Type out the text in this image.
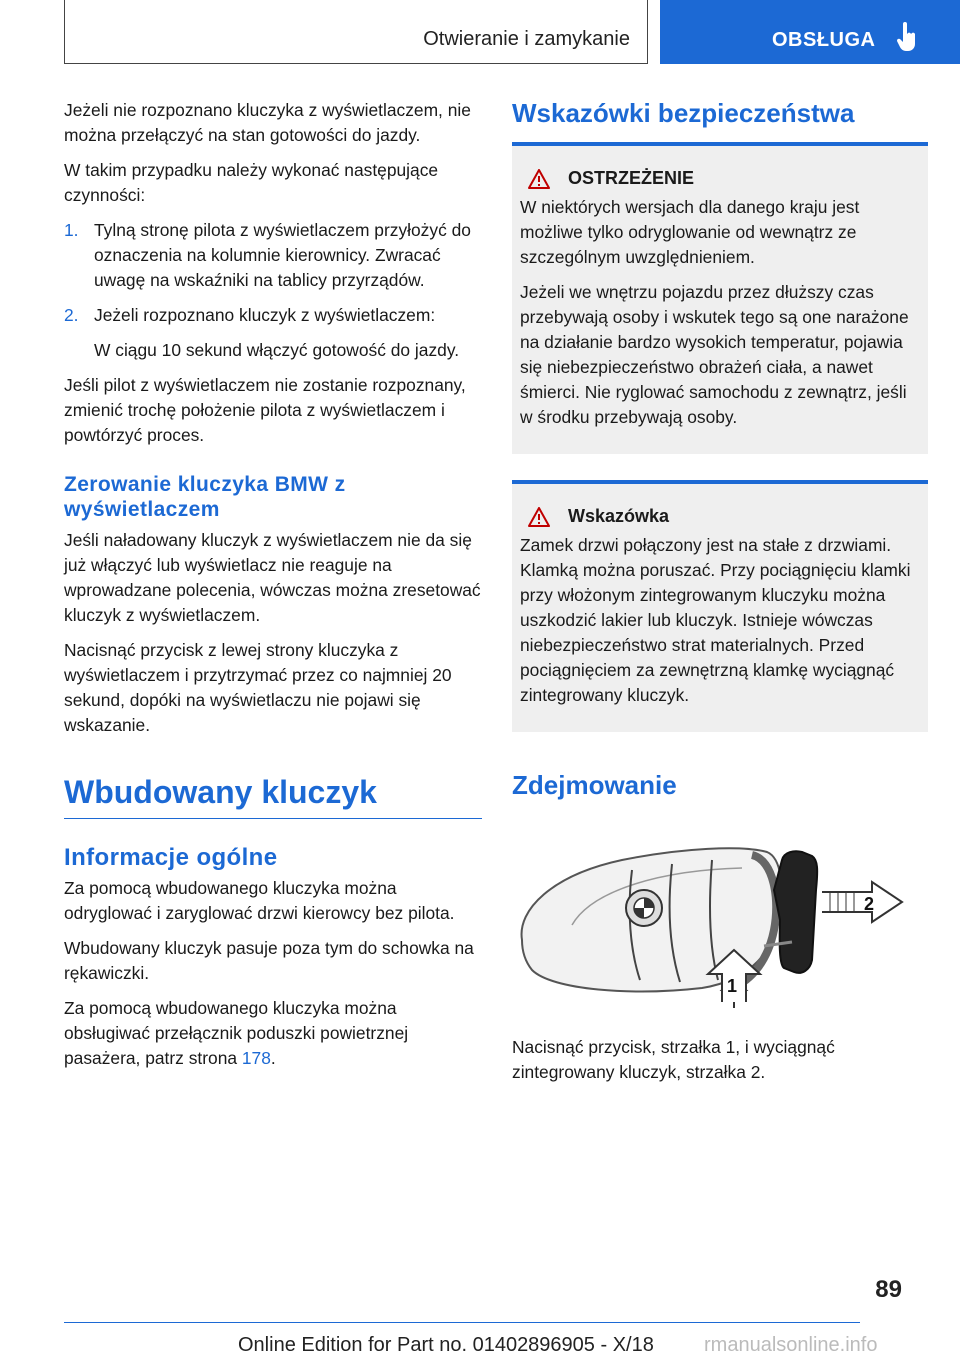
Otwieranie i zamykanie	OBSŁUGA

Jeżeli nie rozpoznano kluczyka z wyświetlaczem, nie można przełączyć na stan gotowości do jazdy.

W takim przypadku należy wykonać następujące czynności:

1. Tylną stronę pilota z wyświetlaczem przyłożyć do oznaczenia na kolumnie kierownicy. Zwracać uwagę na wskaźniki na tablicy przyrządów.
2. Jeżeli rozpoznano kluczyk z wyświetlaczem:
W ciągu 10 sekund włączyć gotowość do jazdy.

Jeśli pilot z wyświetlaczem nie zostanie rozpoznany, zmienić trochę położenie pilota z wyświetlaczem i powtórzyć proces.

Zerowanie kluczyka BMW z wyświetlaczem

Jeśli naładowany kluczyk z wyświetlaczem nie da się już włączyć lub wyświetlacz nie reaguje na wprowadzane polecenia, wówczas można zresetować kluczyk z wyświetlaczem.

Nacisnąć przycisk z lewej strony kluczyka z wyświetlaczem i przytrzymać przez co najmniej 20 sekund, dopóki na wyświetlaczu nie pojawi się wskazanie.

Wbudowany kluczyk
Informacje ogólne

Za pomocą wbudowanego kluczyka można odryglować i zaryglować drzwi kierowcy bez pilota.

Wbudowany kluczyk pasuje poza tym do schowka na rękawiczki.

Za pomocą wbudowanego kluczyka można obsługiwać przełącznik poduszki powietrznej pasażera, patrz strona 178.

Wskazówki bezpieczeństwa
OSTRZEŻENIE

W niektórych wersjach dla danego kraju jest możliwe tylko odryglowanie od wewnątrz ze szczególnym uwzględnieniem.

Jeżeli we wnętrzu pojazdu przez dłuższy czas przebywają osoby i wskutek tego są one narażone na działanie bardzo wysokich temperatur, pojawia się niebezpieczeństwo obrażeń ciała, a nawet śmierci. Nie ryglować samochodu z zewnątrz, jeśli w środku przebywają osoby.

Wskazówka

Zamek drzwi połączony jest na stałe z drzwiami. Klamką można poruszać. Przy pociągnięciu klamki przy włożonym zintegrowanym kluczyku można uszkodzić lakier lub kluczyk. Istnieje wówczas niebezpieczeństwo strat materialnych. Przed pociągnięciem za zewnętrzną klamkę wyciągnąć zintegrowany kluczyk.

Zdejmowanie
2
1

Nacisnąć przycisk, strzałka 1, i wyciągnąć zintegrowany kluczyk, strzałka 2.

89
Online Edition for Part no. 01402896905 - X/18	rmanualsonline.info
